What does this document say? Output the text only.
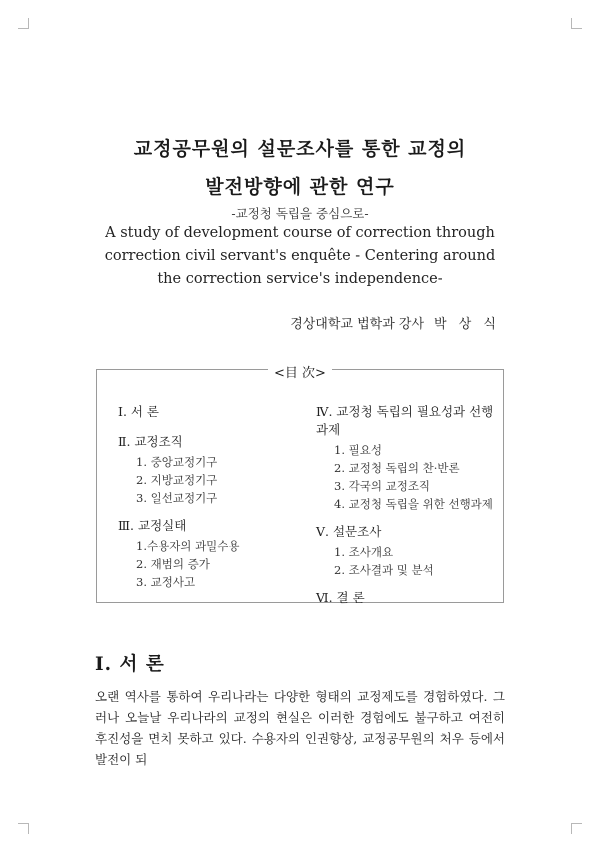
교정공무원의 설문조사를 통한 교정의
발전방향에 관한 연구
-교정청 독립을 중심으로-
A study of development course of correction through correction civil servant's enquête - Centering around the correction service's independence-
경상대학교 법학과 강사 박 상 식
<目 次>
Ⅰ. 서 론
Ⅱ. 교정조직
1. 중앙교정기구
2. 지방교정기구
3. 일선교정기구
Ⅲ. 교정실태
1.수용자의 과밀수용
2. 재범의 증가
3. 교정사고
Ⅳ. 교정청 독립의 필요성과 선행 과제
1. 필요성
2. 교정청 독립의 찬·반론
3. 각국의 교정조직
4. 교정청 독립을 위한 선행과제
Ⅴ. 설문조사
1. 조사개요
2. 조사결과 및 분석
Ⅵ. 결 론
Ⅰ. 서 론
오랜 역사를 통하여 우리나라는 다양한 형태의 교정제도를 경험하였다. 그러나 오늘날 우리나라의 교정의 현실은 이러한 경험에도 불구하고 여전히 후진성을 면치 못하고 있다. 수용자의 인권향상, 교정공무원의 처우 등에서 발전이 되
